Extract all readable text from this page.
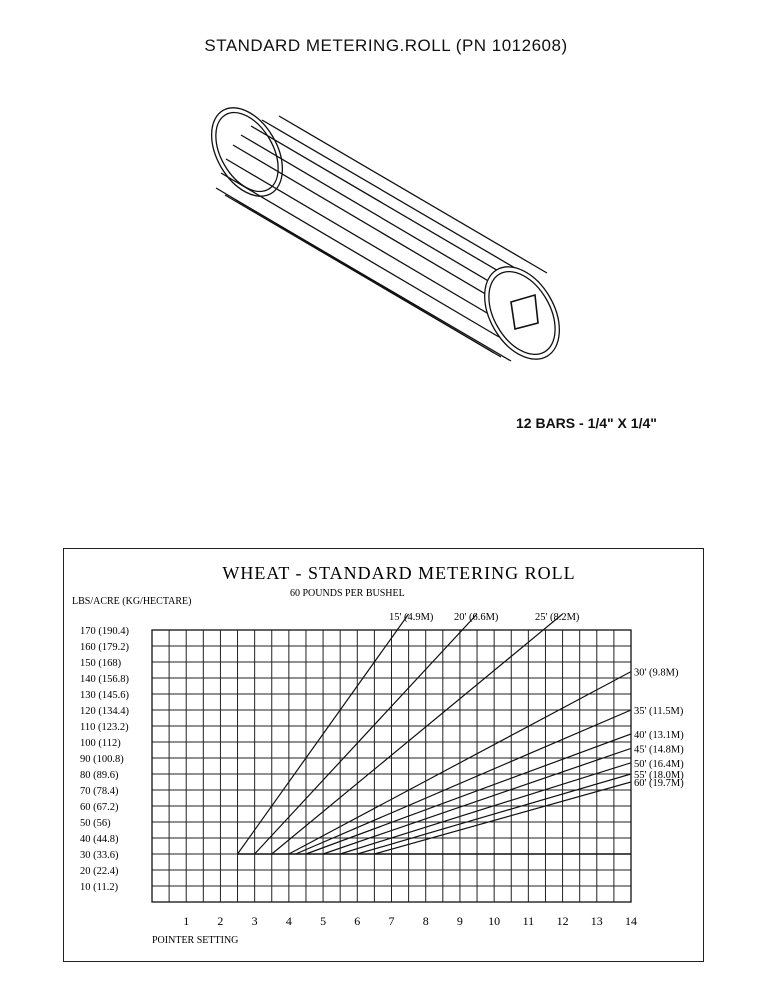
STANDARD METERING.ROLL (PN 1012608)
12 BARS - 1/4" X 1/4"
WHEAT - STANDARD METERING ROLL
60 POUNDS PER BUSHEL
LBS/ACRE (KG/HECTARE)
POINTER SETTING
170 (190.4)
160 (179.2)
150 (168)
140 (156.8)
130 (145.6)
120 (134.4)
110 (123.2)
100 (112)
90 (100.8)
80 (89.6)
70 (78.4)
60 (67.2)
50 (56)
40 (44.8)
30 (33.6)
20 (22.4)
10 (11.2)
1 2 3 4 5 6 7 8 9 10 11 12 13 14
15' (4.9M) 20' (6.6M)	25' (8.2M)
30' (9.8M)
35' (11.5M)
40' (13.1M)
45' (14.8M)
50' (16.4M)
55' (18.0M)
60' (19.7M)
